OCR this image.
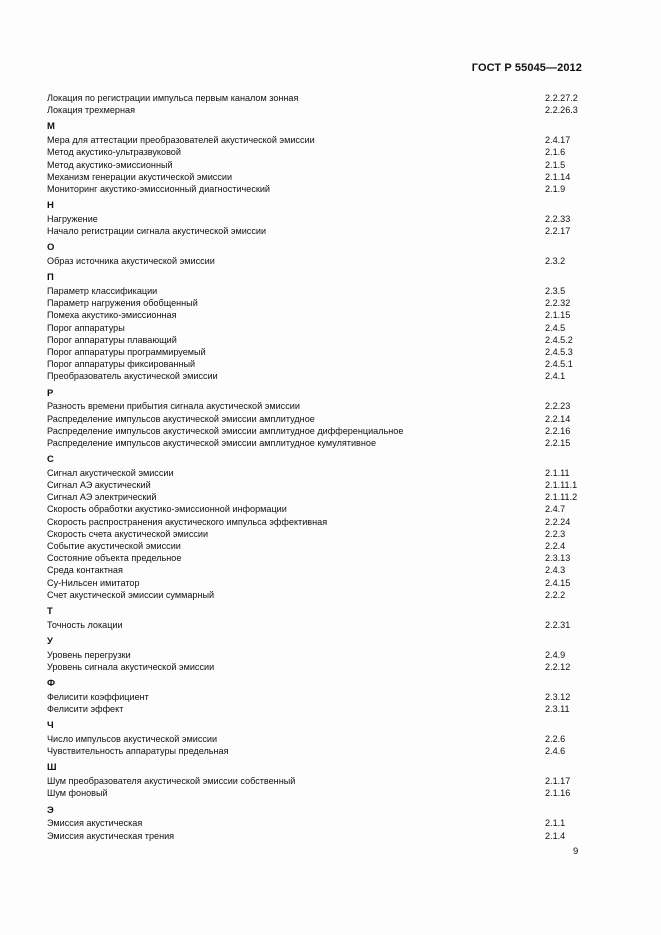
ГОСТ Р 55045—2012
Локация по регистрации импульса первым каналом зонная	2.2.27.2
Локация трехмерная	2.2.26.3
М
Мера для аттестации преобразователей акустической эмиссии	2.4.17
Метод акустико-ультразвуковой	2.1.6
Метод акустико-эмиссионный	2.1.5
Механизм генерации акустической эмиссии	2.1.14
Мониторинг акустико-эмиссионный диагностический	2.1.9
Н
Нагружение	2.2.33
Начало регистрации сигнала акустической эмиссии	2.2.17
О
Образ источника акустической эмиссии	2.3.2
П
Параметр классификации	2.3.5
Параметр нагружения обобщенный	2.2.32
Помеха акустико-эмиссионная	2.1.15
Порог аппаратуры	2.4.5
Порог аппаратуры плавающий	2.4.5.2
Порог аппаратуры программируемый	2.4.5.3
Порог аппаратуры фиксированный	2.4.5.1
Преобразователь акустической эмиссии	2.4.1
Р
Разность времени прибытия сигнала акустической эмиссии	2.2.23
Распределение импульсов акустической эмиссии амплитудное	2.2.14
Распределение импульсов акустической эмиссии амплитудное дифференциальное	2.2.16
Распределение импульсов акустической эмиссии амплитудное кумулятивное	2.2.15
С
Сигнал акустической эмиссии	2.1.11
Сигнал АЭ акустический	2.1.11.1
Сигнал АЭ электрический	2.1.11.2
Скорость обработки акустико-эмиссионной информации	2.4.7
Скорость распространения акустического импульса эффективная	2.2.24
Скорость счета акустической эмиссии	2.2.3
Событие акустической эмиссии	2.2.4
Состояние объекта предельное	2.3.13
Среда контактная	2.4.3
Су-Нильсен имитатор	2.4.15
Счет акустической эмиссии суммарный	2.2.2
Т
Точность локации	2.2.31
У
Уровень перегрузки	2.4.9
Уровень сигнала акустической эмиссии	2.2.12
Ф
Фелисити коэффициент	2.3.12
Фелисити эффект	2.3.11
Ч
Число импульсов акустической эмиссии	2.2.6
Чувствительность аппаратуры предельная	2.4.6
Ш
Шум преобразователя акустической эмиссии собственный	2.1.17
Шум фоновый	2.1.16
Э
Эмиссия акустическая	2.1.1
Эмиссия акустическая трения	2.1.4
9
